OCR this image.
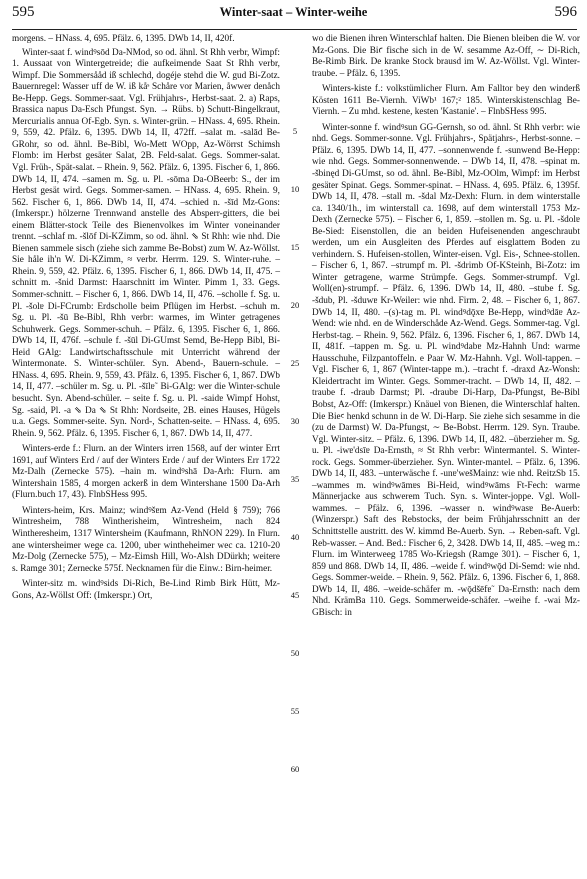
595	Winter-saat – Winter-weihe	596

morgens. – HNass. 4, 695. Pfälz. 6, 1395. DWb 14, II, 420f.

Winter-saat f. windꝰsōd Da-NMod, so od. ähnl. St Rhh verbr, Wimpf: 1. Aussaat von Wintergetreide; die aufkeimende Saat St Rhh verbr, Wimpf. Die Sommersååd iß schlechd, dogéje stehd die W. gud Bi-Zotz. Bauernregel: Wasser uff de W. iß kåˢ Schåre vor Marien, åwwer denåch Be-Hepp. Gegs. Sommer-saat. Vgl. Frühjahrs-, Herbst-saat. 2. a) Raps, Brassica napus Da-Esch Pfungst. Syn. → Rübs. b) Schutt-Bingelkraut, Mercurialis annua Of-Egb. Syn. s. Winter-grün. – HNass. 4, 695. Rhein. 9, 559, 42. Pfälz. 6, 1395. DWb 14, II, 472ff. –salat m. -salād Be-GRohr, so od. ähnl. Be-Bibl, Wo-Mett WOpp, Az-Wörrst Schimsh Flomb: im Herbst gesäter Salat, 2B. Feld-salat. Gegs. Sommer-salat. Vgl. Früh-, Spät-salat. – Rhein. 9, 562. Pfälz. 6, 1395. Fischer 6, 1, 866. DWb 14, II, 474. –samen m. Sg. u. Pl. -sōma Da-OBeerb: S., der im Herbst gesät wird. Gegs. Sommer-samen. – HNass. 4, 695. Rhein. 9, 562. Fischer 6, 1, 866. DWb 14, II, 474. –schied n. -šīd Mz-Gons: (Imkerspr.) hölzerne Trennwand anstelle des Absperr-gitters, die bei einem Blätter-stock Teile des Bienenvolkes im Winter voneinander trennt. –schlaf m. -šlōf Di-KZimm, so od. ähnl. ⇘ St Rhh: wie nhd. Die Bienen sammele sisch (ziehe sich zamme Be-Bobst) zum W. Az-Wöllst. Sie håle ih'n W. Di-KZimm, ≈ verbr. Herrm. 129. S. Winter-ruhe. – Rhein. 9, 559, 42. Pfälz. 6, 1395. Fischer 6, 1, 866. DWb 14, II, 475. –schnitt m. -šnid Darmst: Haarschnitt im Winter. Pimm 1, 33. Gegs. Sommer-schnitt. – Fischer 6, 1, 866. DWb 14, II, 476. –scholle f. Sg. u. Pl. -šolɐ Di-FCrumb: Erdscholle beim Pflügen im Herbst. –schuh m. Sg. u. Pl. -šū Be-Bibl, Rhh verbr: warmes, im Winter getragenes Schuhwerk. Gegs. Sommer-schuh. – Pfälz. 6, 1395. Fischer 6, 1, 866. DWb 14, II, 476f. –schule f. -šūl Di-GUmst Semd, Be-Hepp Bibl, Bi-Heid GAlg: Landwirtschaftsschule mit Unterricht während der Wintermonate. S. Winter-schüler. Syn. Abend-, Bauern-schule. – HNass. 4, 695. Rhein. 9, 559, 43. Pfälz. 6, 1395. Fischer 6, 1, 867. DWb 14, II, 477. –schüler m. Sg. u. Pl. -šīlɐ˜ Bi-GAlg: wer die Winter-schule besucht. Syn. Abend-schüler. – seite f. Sg. u. Pl. -saidɐ Wimpf Hohst, Sg. -said, Pl. -a ⇘ Da ⇘ St Rhh: Nordseite, 2B. eines Hauses, Hügels u.a. Gegs. Sommer-seite. Syn. Nord-, Schatten-seite. – HNass. 4, 695. Rhein. 9, 562. Pfälz. 6, 1395. Fischer 6, 1, 867. DWb 14, II, 477.

Winters-erde f.: Flurn. an der Winters irren 1568, auf der winter Errt 1691, auf Winters Erd / auf der Winters Erde / auf der Winters Err 1722 Mz-Dalh (Zernecke 575). –hain m. windꝰshā Da-Arh: Flurn. am Wintershain 1585, 4 morgen ackerß in dem Wintershane 1500 Da-Arh (Flurn.buch 17, 43). FlnbSHess 995.

Winters-heim, Krs. Mainz; windꝰšɐm Az-Vend (Held § 759); 766 Wintresheim, 788 Wintherisheim, Wintresheim, nach 824 Wintheresheim, 1317 Wintersheim (Kaufmann, RhNON 229). In Flurn. ane wintersheimer wege ca. 1200, uber wintheheimer wec ca. 1210-20 Mz-Dolg (Zernecke 575), – Mz-Eimsh Hill, Wo-Alsh DDürkh; weitere s. Ramge 301; Zernecke 575f. Necknamen für die Einw.: Birn-heimer.

Winter-sitz m. windꝰsids Di-Rich, Be-Lind Rimb Birk Hütt, Mz-Gons, Az-Wöllst Off: (Imkerspr.) Ort,

5
10
15
20
25
30
35
40
45
50
55
60

wo die Bienen ihren Winterschlaf halten. Die Bienen bleiben die W. vor Mz-Gons. Die Biꜥ fische sich in de W. sesamme Az-Off, ∼ Di-Rich, Be-Rimb Birk. De kranke Stock brausd im W. Az-Wöllst. Vgl. Winter-traube. – Pfälz. 6, 1395.

Winters-kiste f.: volkstümlicher Flurn. Am Falltor bey den winderß Kösten 1611 Be-Viernh. ViWb¹ 167;² 185. Winterskistenschlag Be-Viernh. – Zu mhd. kestene, kesten 'Kastanie'. – FlnbSHess 995.

Winter-sonne f. windꝰsun GG-Gernsh, so od. ähnl. St Rhh verbr: wie nhd. Gegs. Sommer-sonne. Vgl. Frühjahrs-, Spätjahrs-, Herbst-sonne. – Pfälz. 6, 1395. DWb 14, II, 477. –sonnenwende f. -sunwend Be-Hepp: wie nhd. Gegs. Sommer-sonnenwende. – DWb 14, II, 478. –spinat m. -šbinęd Di-GUmst, so od. ähnl. Be-Bibl, Mz-OOlm, Wimpf: im Herbst gesäter Spinat. Gegs. Sommer-spinat. – HNass. 4, 695. Pfälz. 6, 1395f. DWb 14, II, 478. –stall m. -šdal Mz-Dexh: Flurn. in dem winterstalle ca. 1340/1h., im winterstall ca. 1698, auf dem winterstall 1753 Mz-Dexh (Zernecke 575). – Fischer 6, 1, 859. –stollen m. Sg. u. Pl. -šdolɐ Be-Sied: Eisenstollen, die an beiden Hufeisenenden angeschraubt werden, um ein Ausgleiten des Pferdes auf eisglattem Boden zu verhindern. S. Hufeisen-stollen, Winter-eisen. Vgl. Eis-, Schnee-stollen. – Fischer 6, 1, 867. –strumpf m. Pl. -šdrimb Of-KSteinh, Bi-Zotz: im Winter getragene, warme Strümpfe. Gegs. Sommer-strumpf. Vgl. Woll(en)-strumpf. – Pfälz. 6, 1396. DWb 14, II, 480. –stube f. Sg. -šdub, Pl. -šduwɐ Kr-Weiler: wie nhd. Firm. 2, 48. – Fischer 6, 1, 867. DWb 14, II, 480. –(s)-tag m. Pl. windꝰdǭxɐ Be-Hepp, windꝰdāɐ Az-Wend: wie nhd. en de Winderschåde Az-Wend. Gegs. Sommer-tag. Vgl. Herbst-tag. – Rhein. 9, 562. Pfälz. 6, 1396. Fischer 6, 1, 867. DWb 14, II, 481f. –tappen m. Sg. u. Pl. windꝰdabɐ Mz-Hahnh Und: warme Hausschuhe, Filzpantoffeln. e Paar W. Mz-Hahnh. Vgl. Woll-tappen. – Vgl. Fischer 6, 1, 867 (Winter-tappe m.). –tracht f. -draxd Az-Wonsh: Kleidertracht im Winter. Gegs. Sommer-tracht. – DWb 14, II, 482. –traube f. -draub Darmst; Pl. -draubɐ Di-Harp, Da-Pfungst, Be-Bibl Bobst, Az-Off: (Imkerspr.) Knäuel von Bienen, die Winterschlaf halten. Die Bieꜥ henkd schunn in de W. Di-Harp. Sie ziehe sich sesamme in die (zu de Darmst) W. Da-Pfungst, ∼ Be-Bobst. Herrm. 129. Syn. Traube. Vgl. Winter-sitz. – Pfälz. 6, 1396. DWb 14, II, 482. –überzieher m. Sg. u. Pl. -iwɐ'dsīɐ Da-Ernsth, ≈ St Rhh verbr: Wintermantel. S. Winter-rock. Gegs. Sommer-überzieher. Syn. Winter-mantel. – Pfälz. 6, 1396. DWb 14, II, 483. –unterwäsche f. -unɐ'wešMainz: wie nhd. ReitzSb 15. –wammes m. windꝰwāmɐs Bi-Heid, windꝰwāms Ft-Fech: warme Männerjacke aus schwerem Tuch. Syn. s. Winter-joppe. Vgl. Woll-wammes. – Pfälz. 6, 1396. –wasser n. windꝰwasɐ Be-Auerb: (Winzerspr.) Saft des Rebstocks, der beim Frühjahrsschnitt an der Schnittstelle austritt. des W. kimmd Be-Auerb. Syn. → Reben-saft. Vgl. Reb-wasser. – And. Bed.: Fischer 6, 2, 3428. DWb 14, II, 485. –weg m.: Flurn. im Winterweeg 1785 Wo-Kriegsh (Ramge 301). – Fischer 6, 1, 859 und 868. DWb 14, II, 486. –weide f. windꝰwǭd Di-Semd: wie nhd. Gegs. Sommer-weide. – Rhein. 9, 562. Pfälz. 6, 1396. Fischer 6, 1, 868. DWb 14, II, 486. –weide-schäfer m. -wǭdšēfɐ˜ Da-Ernsth: nach dem Nhd. KrämBa 110. Gegs. Sommerweide-schäfer. –weihe f. -wai Mz-GBisch: in
